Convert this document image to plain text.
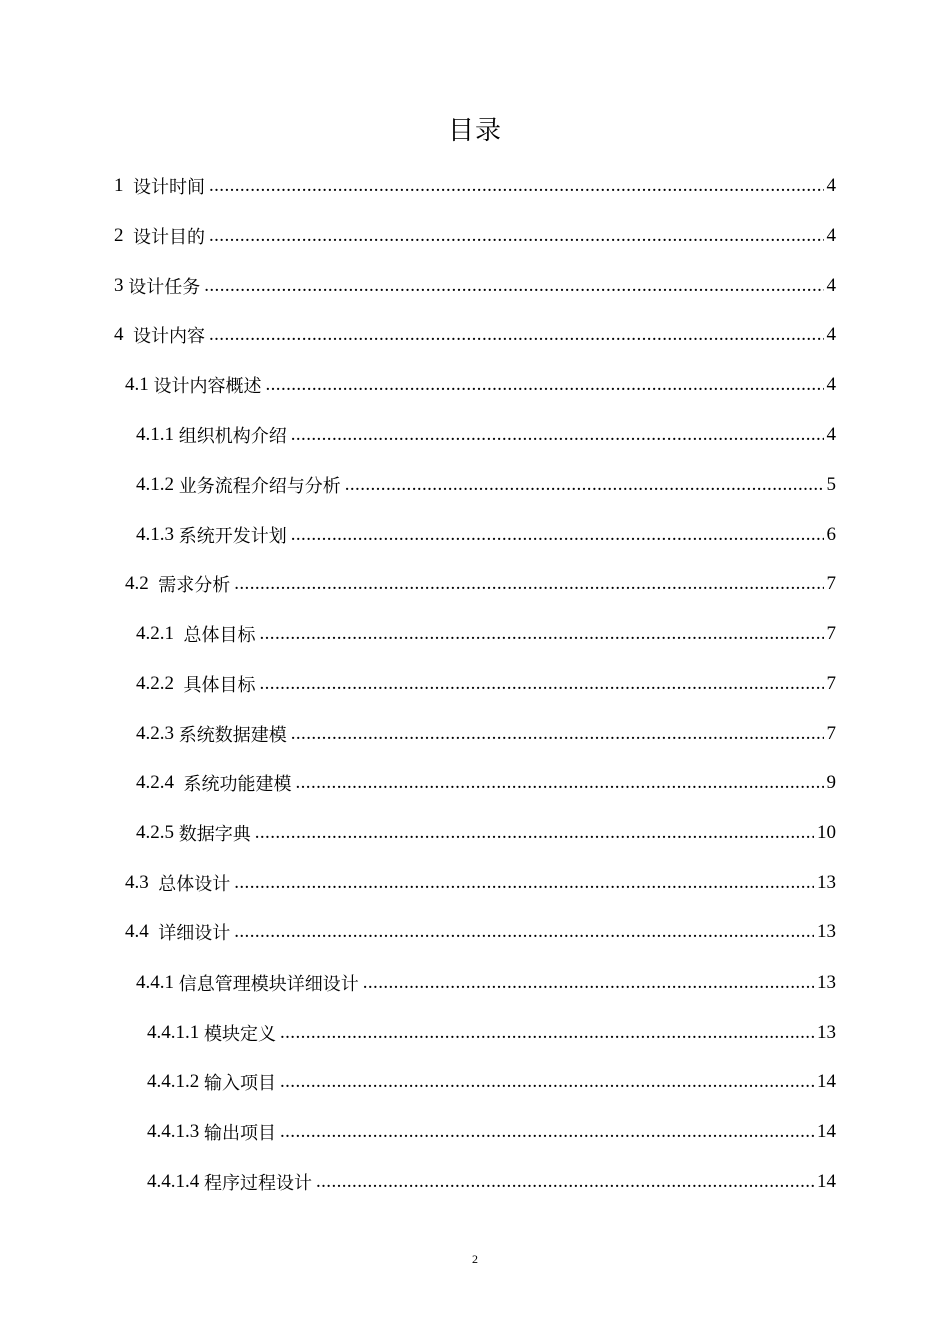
目录
1 设计时间 .....	4
2 设计目的 .....	4
3 设计任务 .....	4
4 设计内容 .....	4
4.1 设计内容概述 .....	4
4.1.1 组织机构介绍 .....	4
4.1.2 业务流程介绍与分析 .....	5
4.1.3 系统开发计划 .....	6
4.2 需求分析 .....	7
4.2.1 总体目标 .....	7
4.2.2 具体目标 .....	7
4.2.3 系统数据建模 .....	7
4.2.4 系统功能建模 .....	9
4.2.5 数据字典 .....	10
4.3 总体设计 .....	13
4.4 详细设计 .....	13
4.4.1 信息管理模块详细设计 .....	13
4.4.1.1 模块定义 .....	13
4.4.1.2 输入项目 .....	14
4.4.1.3 输出项目 .....	14
4.4.1.4 程序过程设计 .....	14
2
